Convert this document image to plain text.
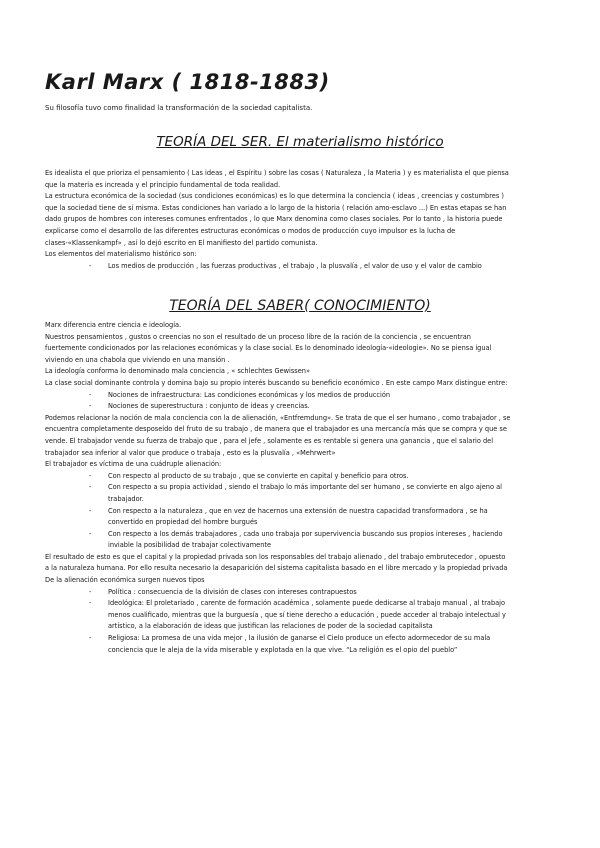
Karl Marx ( 1818-1883)
Su filosofía tuvo como finalidad la transformación de la sociedad capitalista.
TEORÍA DEL SER. El materialismo histórico

Es idealista el que prioriza el pensamiento ( Las ideas , el Espíritu ) sobre las cosas ( Naturaleza , la Materia ) y es materialista el que piensa

que la materia es increada y el principio fundamental de toda realidad.

La estructura económica de la sociedad (sus condiciones económicas) es lo que determina la conciencia ( ideas , creencias y costumbres )

que la sociedad tiene de sí misma. Estas condiciones han variado a lo largo de la historia ( relación amo-esclavo ...) En estas etapas se han

dado grupos de hombres con intereses comunes enfrentados , lo que Marx denomina como clases sociales. Por lo tanto , la historia puede

explicarse como el desarrollo de las diferentes estructuras económicas o modos de producción cuyo impulsor es la lucha de

clases-«Klassenkampf» , así lo dejó escrito en El manifiesto del partido comunista.

Los elementos del materialismo histórico son:

- Los medios de producción , las fuerzas productivas , el trabajo , la plusvalía , el valor de uso y el valor de cambio

TEORÍA DEL SABER( CONOCIMIENTO)

Marx diferencia entre ciencia e ideología.

Nuestros pensamientos , gustos o creencias no son el resultado de un proceso libre de la ración de la conciencia , se encuentran

fuertemente condicionados por las relaciones económicas y la clase social. Es lo denominado ideología-«ideologie». No se piensa igual

viviendo en una chabola que viviendo en una mansión .

La ideología conforma lo denominado mala conciencia , « schlechtes Gewissen»

La clase social dominante controla y domina bajo su propio interés buscando su beneficio económico . En este campo Marx distingue entre:

- Nociones de infraestructura: Las condiciones económicas y los medios de producción

- Nociones de superestructura : conjunto de ideas y creencias.

Podemos relacionar la noción de mala conciencia con la de alienación, «Entfremdung». Se trata de que el ser humano , como trabajador , se

encuentra completamente desposeído del fruto de su trabajo , de manera que el trabajador es una mercancía más que se compra y que se

vende. El trabajador vende su fuerza de trabajo que , para el jefe , solamente es es rentable si genera una ganancia , que el salario del

trabajador sea inferior al valor que produce o trabaja , esto es la plusvalía , «Mehrwert»

El trabajador es víctima de una cuádruple alienación:

- Con respecto al producto de su trabajo , que se convierte en capital y beneficio para otros.

- Con respecto a su propia actividad , siendo el trabajo lo más importante del ser humano , se convierte en algo ajeno al

trabajador.

- Con respecto a la naturaleza , que en vez de hacernos una extensión de nuestra capacidad transformadora , se ha

convertido en propiedad del hombre burgués

- Con respecto a los demás trabajadores , cada uno trabaja por supervivencia buscando sus propios intereses , haciendo

inviable la posibilidad de trabajar colectivamente

El resultado de esto es que el capital y la propiedad privada son los responsables del trabajo alienado , del trabajo embrutecedor , opuesto

a la naturaleza humana. Por ello resulta necesario la desaparición del sistema capitalista basado en el libre mercado y la propiedad privada

De la alienación económica surgen nuevos tipos

- Política : consecuencia de la división de clases con intereses contrapuestos

- Ideológica: El proletariado , carente de formación académica , solamente puede dedicarse al trabajo manual , al trabajo

menos cualificado, mientras que la burguesía , que sí tiene derecho a educación , puede acceder al trabajo intelectual y

artístico, a la elaboración de ideas que justifican las relaciones de poder de la sociedad capitalista

- Religiosa: La promesa de una vida mejor , la ilusión de ganarse el Cielo produce un efecto adormecedor de su mala

conciencia que le aleja de la vida miserable y explotada en la que vive. “La religión es el opio del pueblo”
